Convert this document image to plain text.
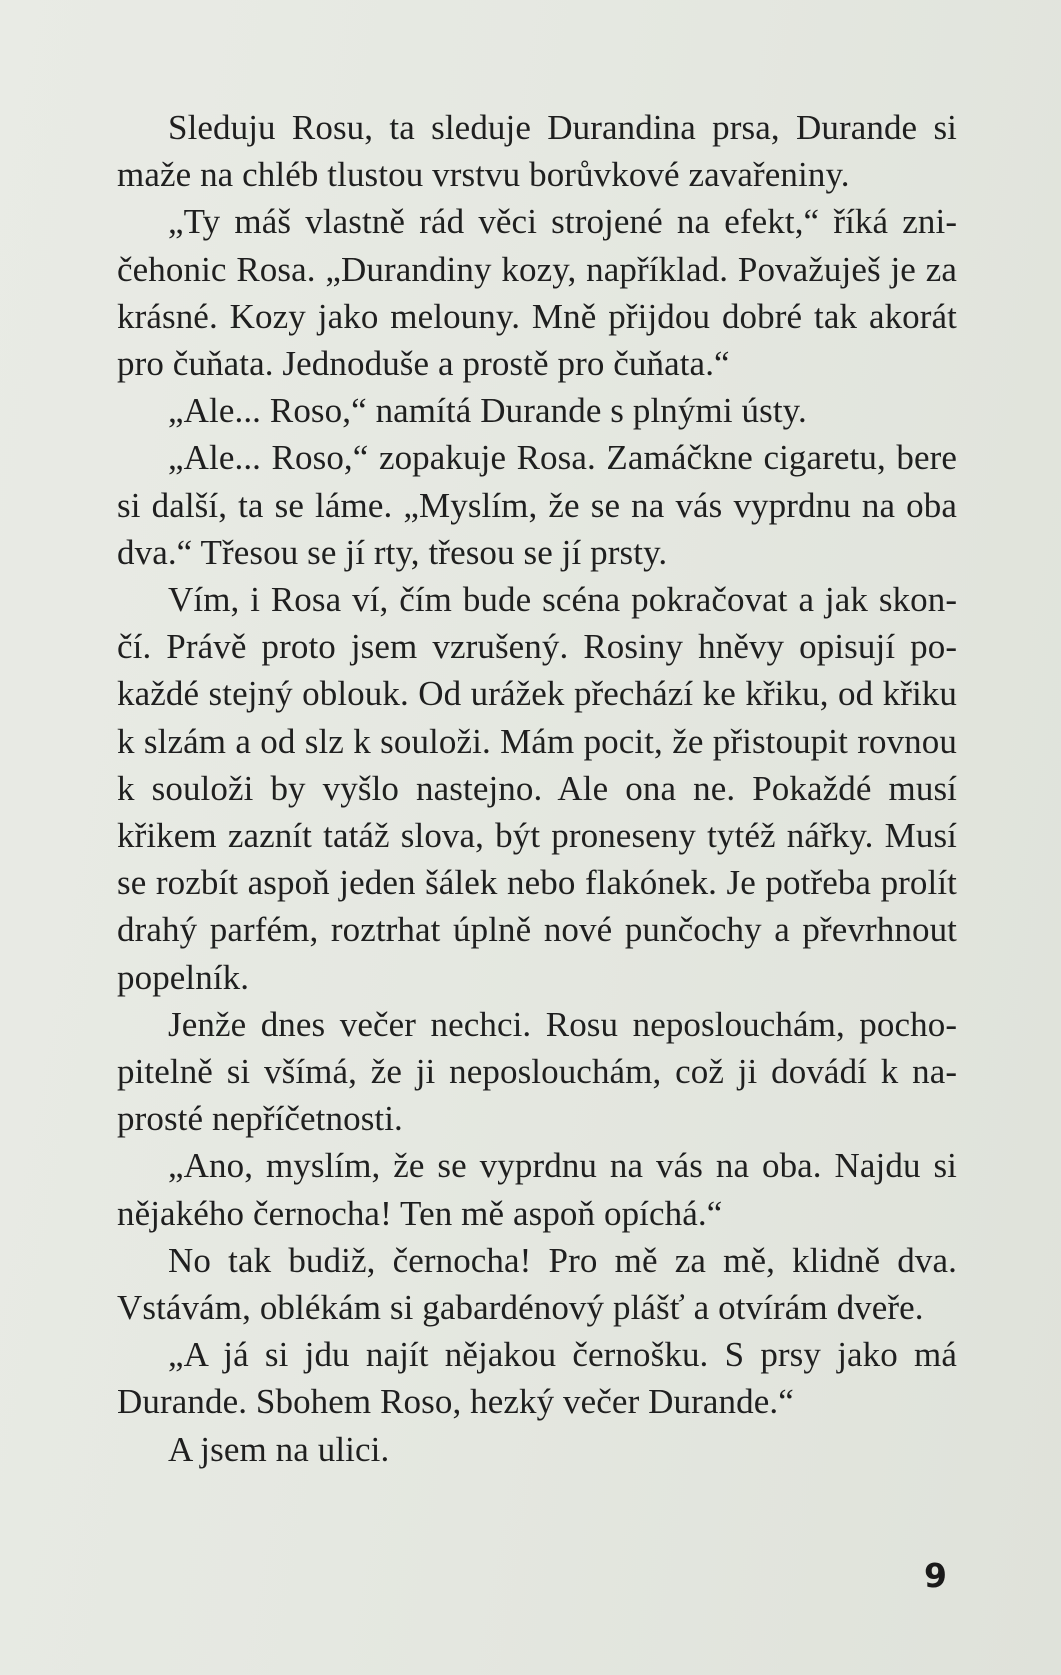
Sleduju Rosu, ta sleduje Durandina prsa, Durande si maže na chléb tlustou vrstvu borůvkové zavařeniny.

„Ty máš vlastně rád věci strojené na efekt,“ říká zničehonic Rosa. „Durandiny kozy, například. Považuješ je za krásné. Kozy jako melouny. Mně přijdou dobré tak akorát pro čuňata. Jednoduše a prostě pro čuňata.“

„Ale... Roso,“ namítá Durande s plnými ústy.

„Ale... Roso,“ zopakuje Rosa. Zamáčkne cigaretu, bere si další, ta se láme. „Myslím, že se na vás vyprdnu na oba dva.“ Třesou se jí rty, třesou se jí prsty.

Vím, i Rosa ví, čím bude scéna pokračovat a jak skončí. Právě proto jsem vzrušený. Rosiny hněvy opisují pokaždé stejný oblouk. Od urážek přechází ke křiku, od křiku k slzám a od slz k souloži. Mám pocit, že přistoupit rovnou k souloži by vyšlo nastejno. Ale ona ne. Pokaždé musí křikem zaznít tatáž slova, být proneseny tytéž nářky. Musí se rozbít aspoň jeden šálek nebo flakónek. Je potřeba prolít drahý parfém, roztrhat úplně nové punčochy a převrhnout popelník.

Jenže dnes večer nechci. Rosu neposlouchám, pochopitelně si všímá, že ji neposlouchám, což ji dovádí k naprosté nepříčetnosti.

„Ano, myslím, že se vyprdnu na vás na oba. Najdu si nějakého černocha! Ten mě aspoň opíchá.“

No tak budiž, černocha! Pro mě za mě, klidně dva. Vstávám, oblékám si gabardénový plášť a otvírám dveře.

„A já si jdu najít nějakou černošku. S prsy jako má Durande. Sbohem Roso, hezký večer Durande.“

A jsem na ulici.

9
